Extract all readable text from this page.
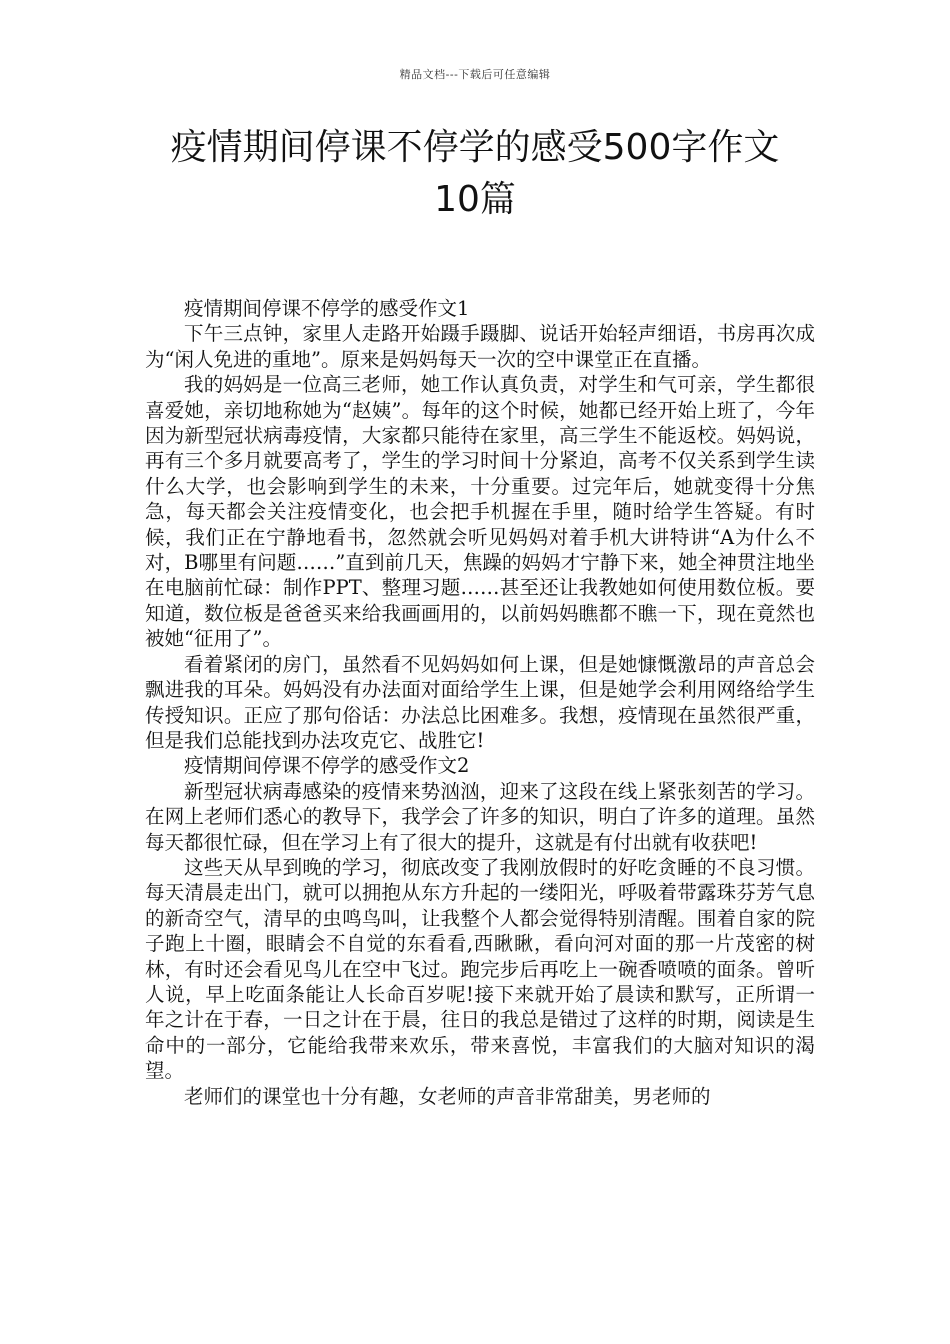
精品文档---下载后可任意编辑
疫情期间停课不停学的感受500字作文
10篇

疫情期间停课不停学的感受作文1

下午三点钟，家里人走路开始蹑手蹑脚、说话开始轻声细语，书房再次成为“闲人免进的重地”。原来是妈妈每天一次的空中课堂正在直播。

我的妈妈是一位高三老师，她工作认真负责，对学生和气可亲，学生都很喜爱她，亲切地称她为“赵姨”。每年的这个时候，她都已经开始上班了，今年因为新型冠状病毒疫情，大家都只能待在家里，高三学生不能返校。妈妈说，再有三个多月就要高考了，学生的学习时间十分紧迫，高考不仅关系到学生读什么大学，也会影响到学生的未来，十分重要。过完年后，她就变得十分焦急，每天都会关注疫情变化，也会把手机握在手里，随时给学生答疑。有时候，我们正在宁静地看书，忽然就会听见妈妈对着手机大讲特讲“A为什么不对，B哪里有问题……”直到前几天，焦躁的妈妈才宁静下来，她全神贯注地坐在电脑前忙碌：制作PPT、整理习题……甚至还让我教她如何使用数位板。要知道，数位板是爸爸买来给我画画用的，以前妈妈瞧都不瞧一下，现在竟然也被她“征用了”。

看着紧闭的房门，虽然看不见妈妈如何上课，但是她慷慨激昂的声音总会飘进我的耳朵。妈妈没有办法面对面给学生上课，但是她学会利用网络给学生传授知识。正应了那句俗话：办法总比困难多。我想，疫情现在虽然很严重，但是我们总能找到办法攻克它、战胜它!

疫情期间停课不停学的感受作文2

新型冠状病毒感染的疫情来势汹汹，迎来了这段在线上紧张刻苦的学习。在网上老师们悉心的教导下，我学会了许多的知识，明白了许多的道理。虽然每天都很忙碌，但在学习上有了很大的提升，这就是有付出就有收获吧!

这些天从早到晚的学习，彻底改变了我刚放假时的好吃贪睡的不良习惯。每天清晨走出门，就可以拥抱从东方升起的一缕阳光，呼吸着带露珠芬芳气息的新奇空气，清早的虫鸣鸟叫，让我整个人都会觉得特别清醒。围着自家的院子跑上十圈，眼睛会不自觉的东看看,西瞅瞅，看向河对面的那一片茂密的树林，有时还会看见鸟儿在空中飞过。跑完步后再吃上一碗香喷喷的面条。曾听人说，早上吃面条能让人长命百岁呢!接下来就开始了晨读和默写，正所谓一年之计在于春，一日之计在于晨，往日的我总是错过了这样的时期，阅读是生命中的一部分，它能给我带来欢乐，带来喜悦，丰富我们的大脑对知识的渴望。

老师们的课堂也十分有趣，女老师的声音非常甜美，男老师的
